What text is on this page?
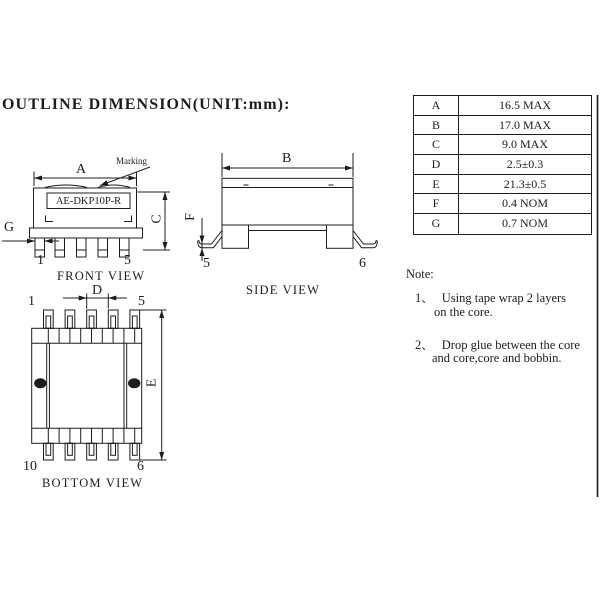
OUTLINE DIMENSION(UNIT:mm):	A	16.5 MAX
B	17.0 MAX
C	9.0 MAX
D	2.5±0.3
E	21.3±0.5
F	0.4 NOM
G	0.7 NOM
A
Marking
AE-DKP10P-R
C
G
1	5
FRONT VIEW
B
F
5	6
SIDE VIEW
1
D
5
E
10	6
BOTTOM VIEW
Note:
1、 Using tape wrap 2 layers
on the core.
2、 Drop glue between the core
and core,core and bobbin.
